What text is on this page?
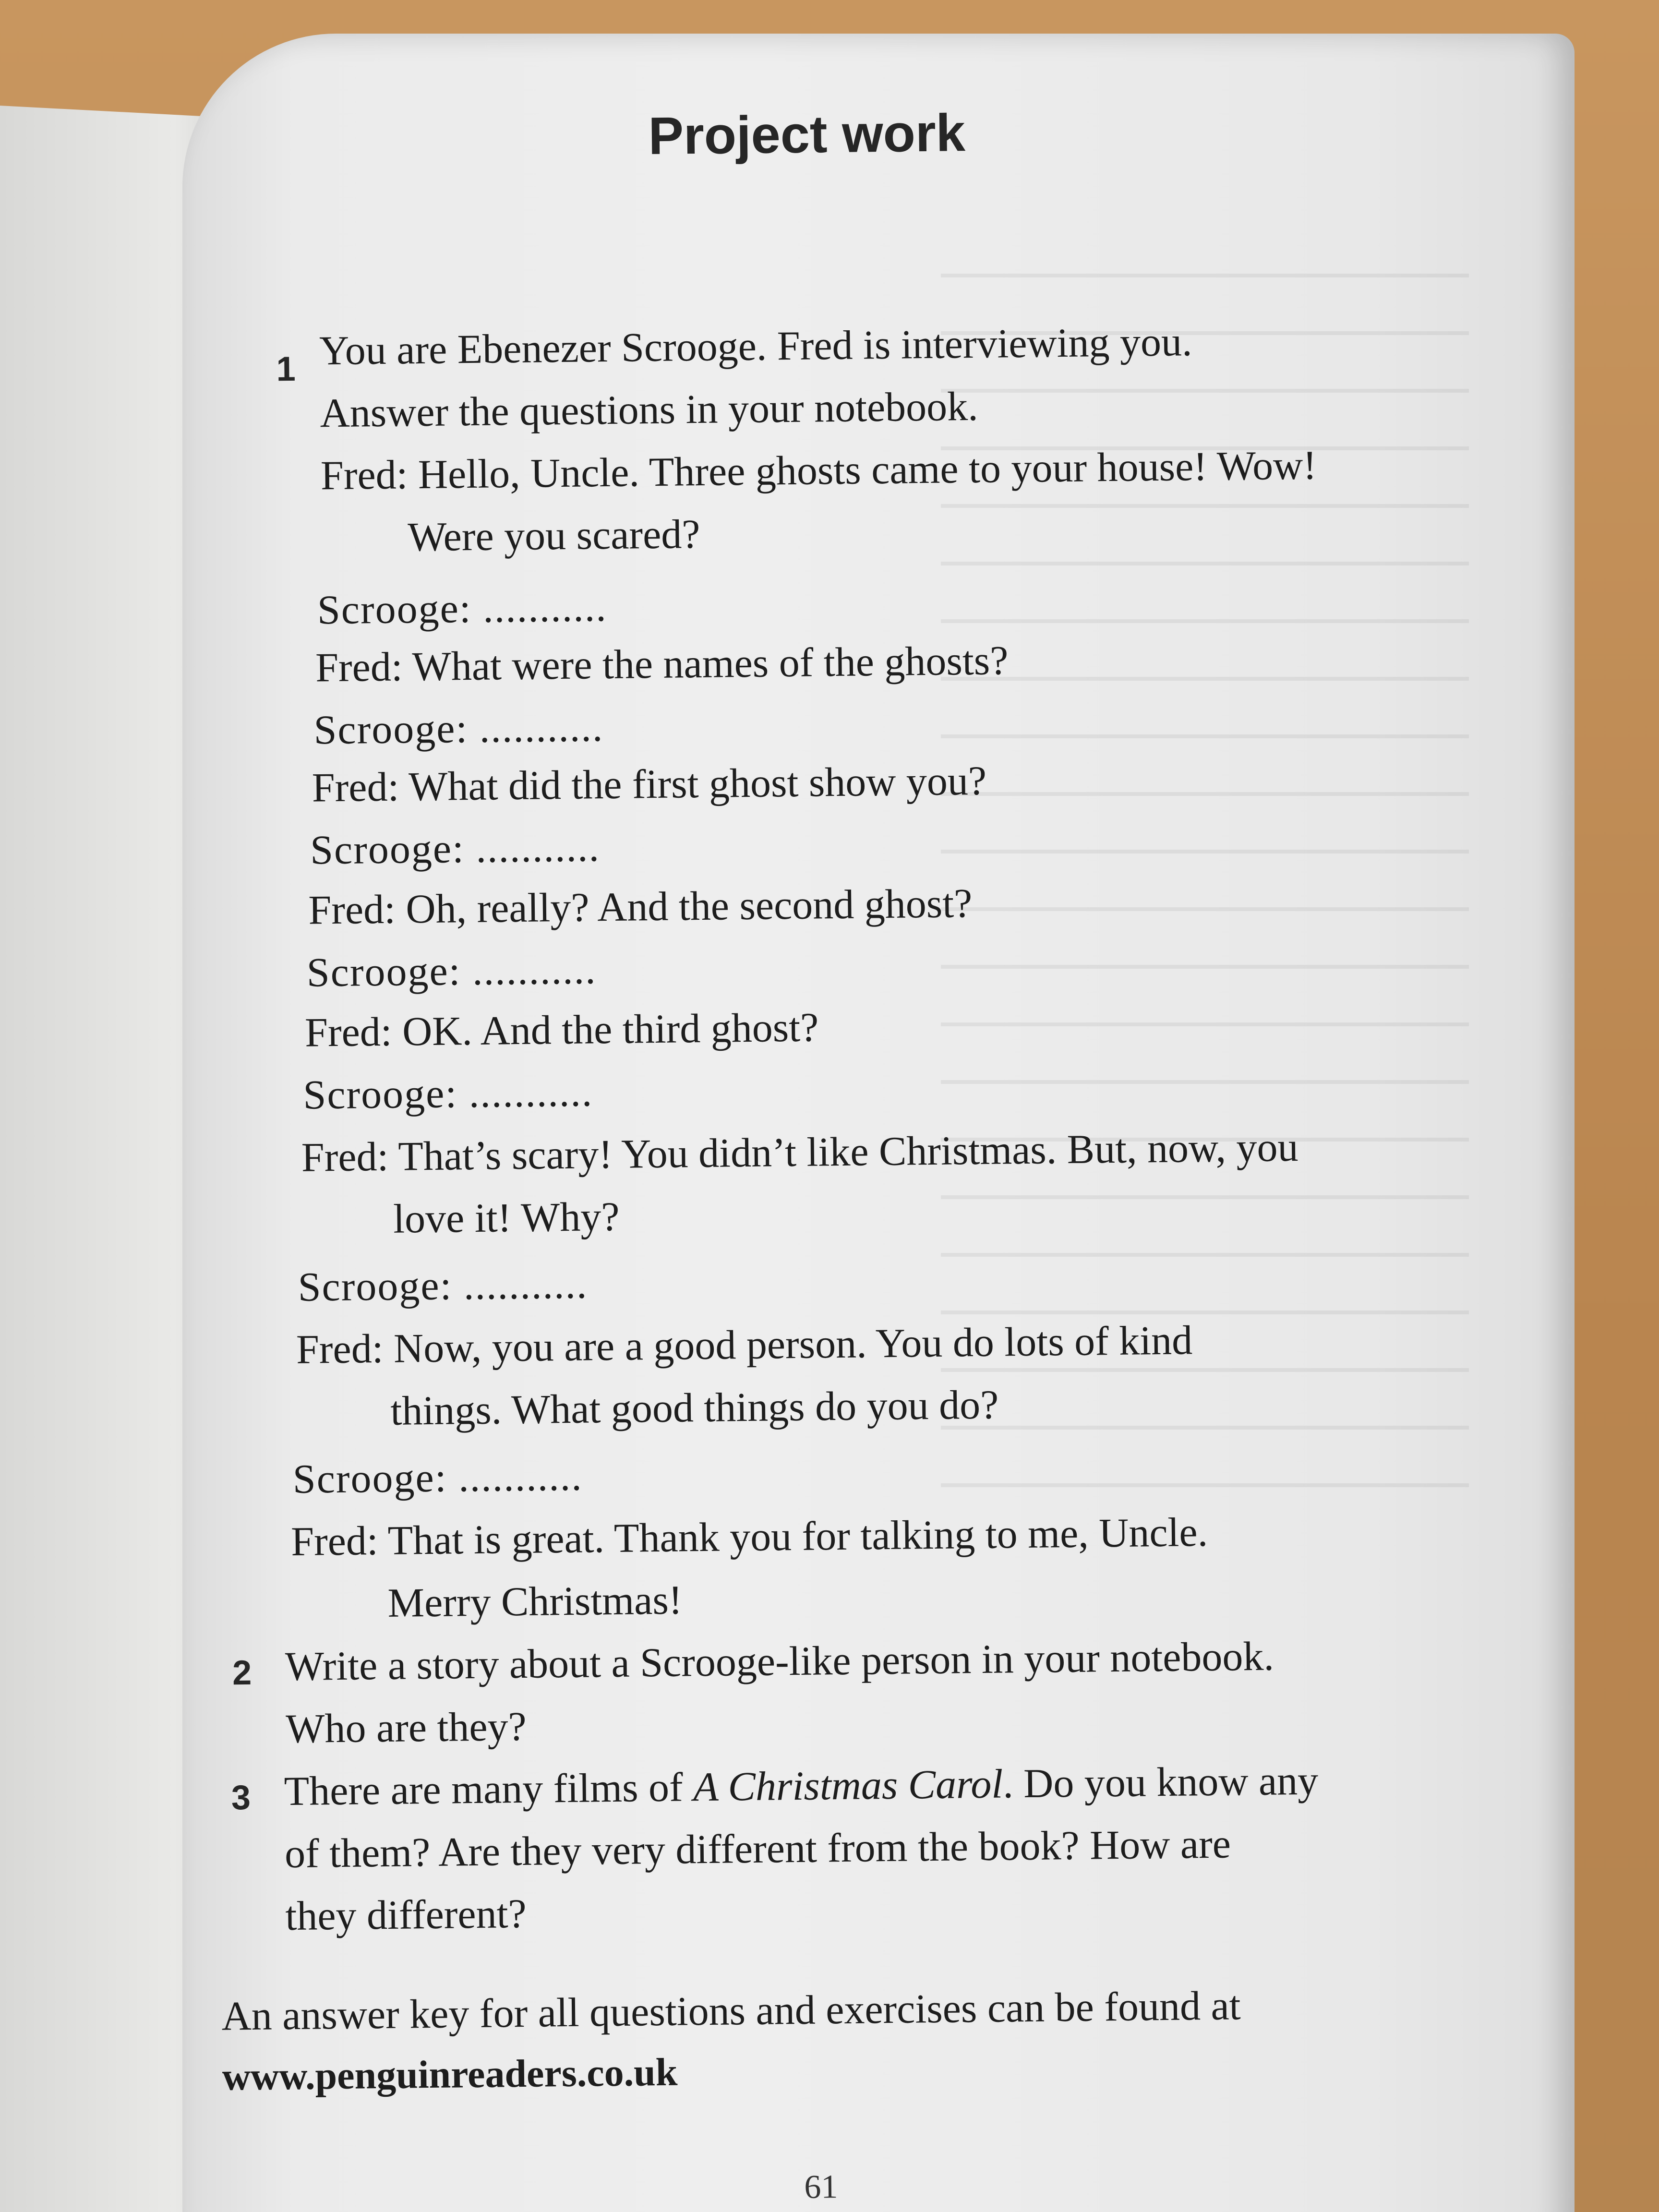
Project work
1 You are Ebenezer Scrooge. Fred is interviewing you.
Answer the questions in your notebook.
Fred: Hello, Uncle. Three ghosts came to your house! Wow!
Were you scared?
Scrooge: ...........
Fred: What were the names of the ghosts?
Scrooge: ...........
Fred: What did the first ghost show you?
Scrooge: ...........
Fred: Oh, really? And the second ghost?
Scrooge: ...........
Fred: OK. And the third ghost?
Scrooge: ...........
Fred: That’s scary! You didn’t like Christmas. But, now, you
love it! Why?
Scrooge: ...........
Fred: Now, you are a good person. You do lots of kind
things. What good things do you do?
Scrooge: ...........
Fred: That is great. Thank you for talking to me, Uncle.
Merry Christmas!
2 Write a story about a Scrooge-like person in your notebook.
Who are they?
3 There are many films of A Christmas Carol. Do you know any
of them? Are they very different from the book? How are
they different?
An answer key for all questions and exercises can be found at
www.penguinreaders.co.uk
61
